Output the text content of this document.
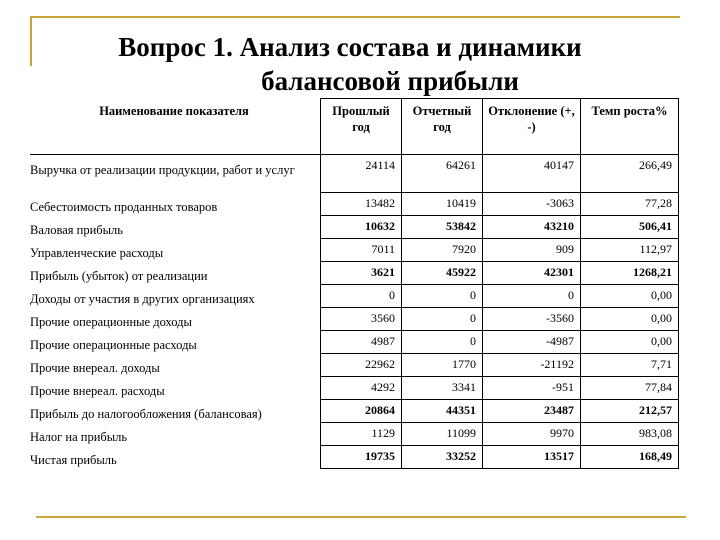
Вопрос 1. Анализ состава и динамики
балансовой прибыли
Наименование показателя	Прошлый год	Отчетный год	Отклонение (+, -)	Темп роста%
Выручка от реализации продукции, работ и услуг	24114	64261	40147	266,49
Себестоимость проданных товаров	13482	10419	-3063	77,28
Валовая прибыль	10632	53842	43210	506,41
Управленческие расходы	7011	7920	909	112,97
Прибыль (убыток) от реализации	3621	45922	42301	1268,21
Доходы от участия в других организациях	0	0	0	0,00
Прочие операционные доходы	3560	0	-3560	0,00
Прочие операционные расходы	4987	0	-4987	0,00
Прочие внереал. доходы	22962	1770	-21192	7,71
Прочие внереал. расходы	4292	3341	-951	77,84
Прибыль до налогообложения (балансовая)	20864	44351	23487	212,57
Налог на прибыль	1129	11099	9970	983,08
Чистая прибыль	19735	33252	13517	168,49
